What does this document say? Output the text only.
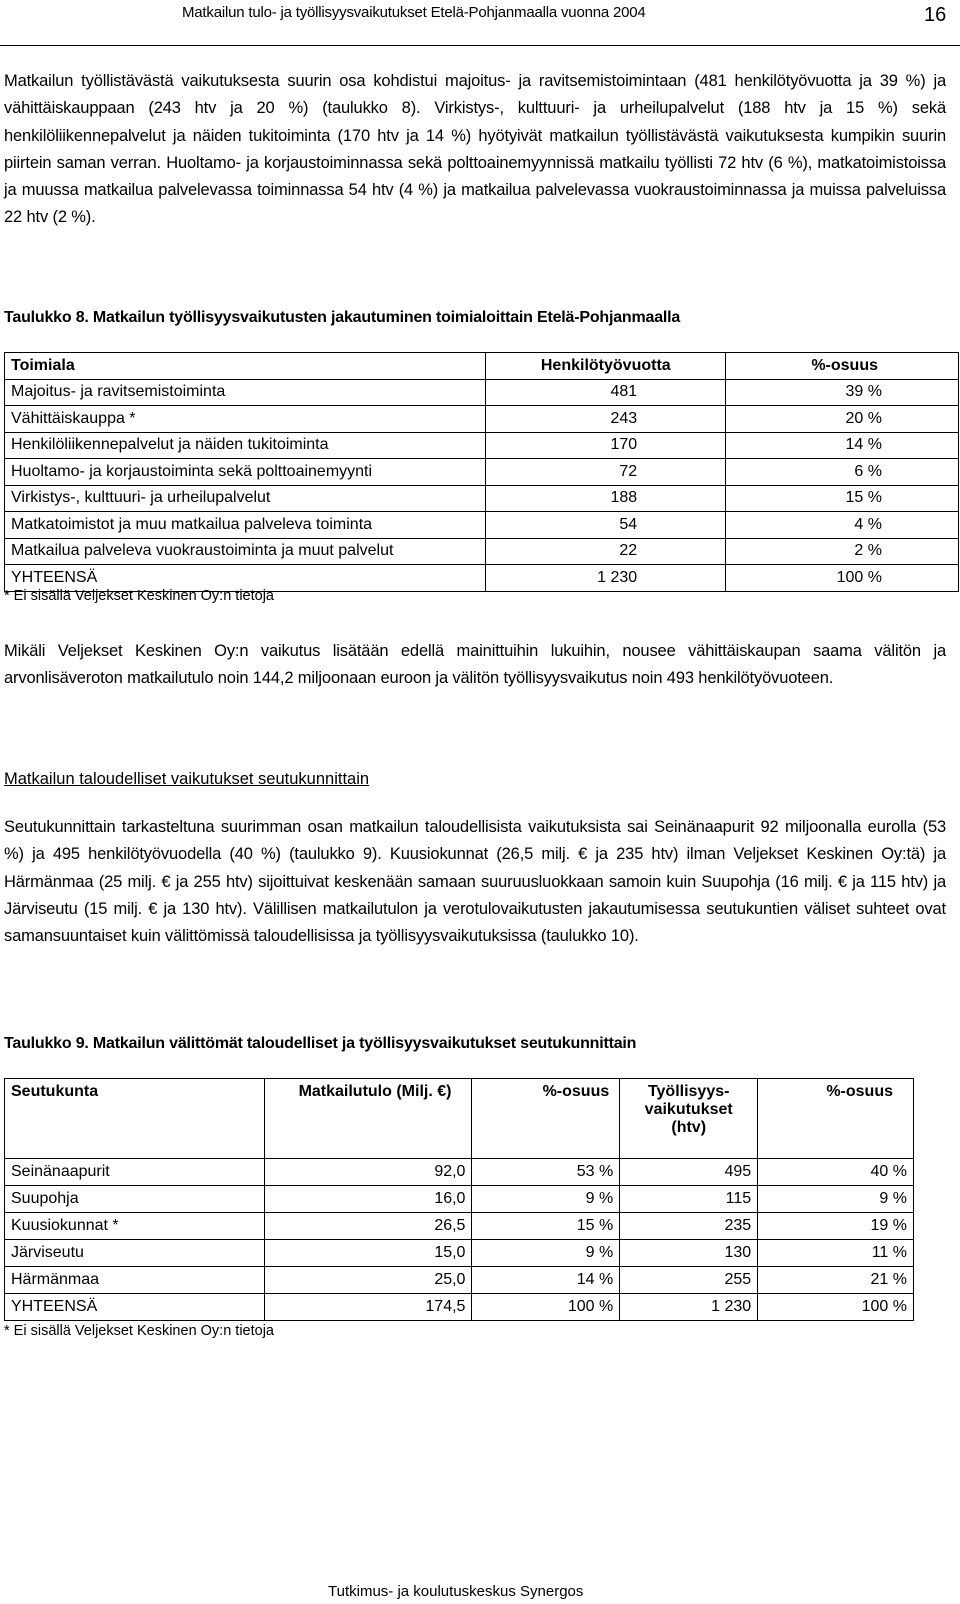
Matkailun tulo- ja työllisyysvaikutukset Etelä-Pohjanmaalla vuonna 2004	16
Matkailun työllistävästä vaikutuksesta suurin osa kohdistui majoitus- ja ravitsemistoimintaan (481 henkilötyövuotta ja 39 %) ja vähittäiskauppaan (243 htv ja 20 %) (taulukko 8). Virkistys-, kulttuuri- ja urheilupalvelut (188 htv ja 15 %) sekä henkilöliikennepalvelut ja näiden tukitoiminta (170 htv ja 14 %) hyötyivät matkailun työllistävästä vaikutuksesta kumpikin suurin piirtein saman verran. Huoltamo- ja korjaustoiminnassa sekä polttoainemyynnissä matkailu työllisti 72 htv (6 %), matkatoimistoissa ja muussa matkailua palvelevassa toiminnassa 54 htv (4 %) ja matkailua palvelevassa vuokraustoiminnassa ja muissa palveluissa 22 htv (2 %).
Taulukko 8. Matkailun työllisyysvaikutusten jakautuminen toimialoittain Etelä-Pohjanmaalla
Toimiala	Henkilötyövuotta	%-osuus
Majoitus- ja ravitsemistoiminta	481	39 %
Vähittäiskauppa *	243	20 %
Henkilöliikennepalvelut ja näiden tukitoiminta	170	14 %
Huoltamo- ja korjaustoiminta sekä polttoainemyynti	72	6 %
Virkistys-, kulttuuri- ja urheilupalvelut	188	15 %
Matkatoimistot ja muu matkailua palveleva toiminta	54	4 %
Matkailua palveleva vuokraustoiminta ja muut palvelut	22	2 %
YHTEENSÄ	1 230	100 %
* Ei sisällä Veljekset Keskinen Oy:n tietoja
Mikäli Veljekset Keskinen Oy:n vaikutus lisätään edellä mainittuihin lukuihin, nousee vähittäiskaupan saama välitön ja arvonlisäveroton matkailutulo noin 144,2 miljoonaan euroon ja välitön työllisyysvaikutus noin 493 henkilötyövuoteen.
Matkailun taloudelliset vaikutukset seutukunnittain
Seutukunnittain tarkasteltuna suurimman osan matkailun taloudellisista vaikutuksista sai Seinänaapurit 92 miljoonalla eurolla (53 %) ja 495 henkilötyövuodella (40 %) (taulukko 9). Kuusiokunnat (26,5 milj. € ja 235 htv) ilman Veljekset Keskinen Oy:tä) ja Härmänmaa (25 milj. € ja 255 htv) sijoittuivat keskenään samaan suuruusluokkaan samoin kuin Suupohja (16 milj. € ja 115 htv) ja Järviseutu (15 milj. € ja 130 htv). Välillisen matkailutulon ja verotulovaikutusten jakautumisessa seutukuntien väliset suhteet ovat samansuuntaiset kuin välittömissä taloudellisissa ja työllisyysvaikutuksissa (taulukko 10).
Taulukko 9. Matkailun välittömät taloudelliset ja työllisyysvaikutukset seutukunnittain
Seutukunta	Matkailutulo (Milj. €)	%-osuus	Työllisyys-vaikutukset (htv)	%-osuus
Seinänaapurit	92,0	53 %	495	40 %
Suupohja	16,0	9 %	115	9 %
Kuusiokunnat *	26,5	15 %	235	19 %
Järviseutu	15,0	9 %	130	11 %
Härmänmaa	25,0	14 %	255	21 %
YHTEENSÄ	174,5	100 %	1 230	100 %
* Ei sisällä Veljekset Keskinen Oy:n tietoja
Tutkimus- ja koulutuskeskus Synergos
